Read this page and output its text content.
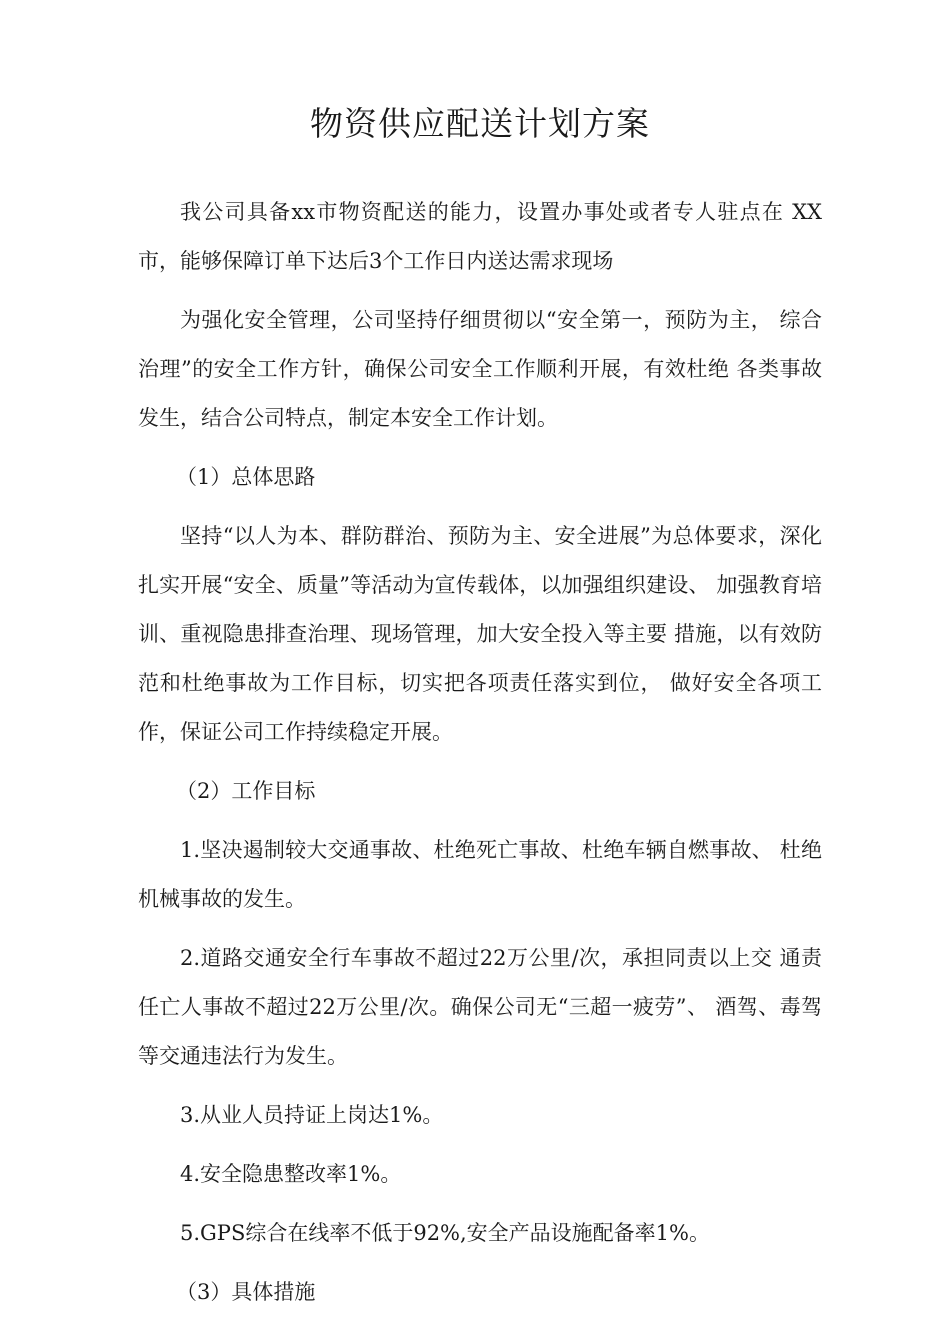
物资供应配送计划方案

我公司具备xx市物资配送的能力，设置办事处或者专人驻点在 XX市，能够保障订单下达后3个工作日内送达需求现场

为强化安全管理，公司坚持仔细贯彻以“安全第一，预防为主， 综合治理”的安全工作方针，确保公司安全工作顺利开展，有效杜绝 各类事故发生，结合公司特点，制定本安全工作计划。

（1）总体思路

坚持“以人为本、群防群治、预防为主、安全进展”为总体要求，深化扎实开展“安全、质量”等活动为宣传载体，以加强组织建设、 加强教育培训、重视隐患排查治理、现场管理，加大安全投入等主要 措施，以有效防范和杜绝事故为工作目标，切实把各项责任落实到位， 做好安全各项工作，保证公司工作持续稳定开展。

（2）工作目标

1.坚决遏制较大交通事故、杜绝死亡事故、杜绝车辆自燃事故、 杜绝机械事故的发生。

2.道路交通安全行车事故不超过22万公里/次，承担同责以上交 通责任亡人事故不超过22万公里/次。确保公司无“三超一疲劳”、 酒驾、毒驾等交通违法行为发生。

3.从业人员持证上岗达1%。

4.安全隐患整改率1%。

5.GPS综合在线率不低于92%,安全产品设施配备率1%。

（3）具体措施
